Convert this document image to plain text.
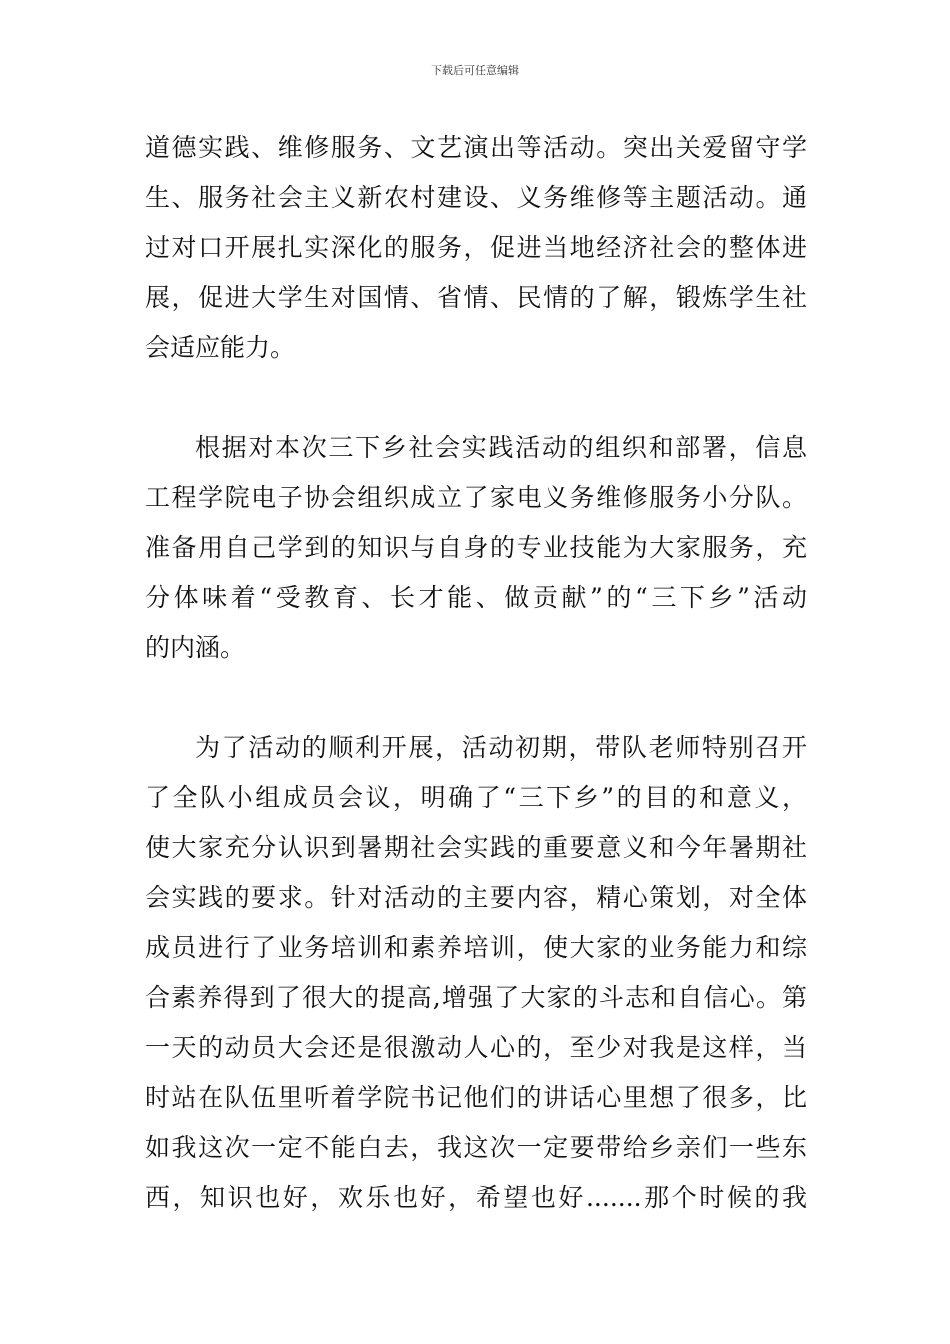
下载后可任意编辑
道德实践、维修服务、文艺演出等活动。突出关爱留守学
生、服务社会主义新农村建设、义务维修等主题活动。通
过对口开展扎实深化的服务，促进当地经济社会的整体进
展，促进大学生对国情、省情、民情的了解，锻炼学生社
会适应能力。
根据对本次三下乡社会实践活动的组织和部署，信息
工程学院电子协会组织成立了家电义务维修服务小分队。
准备用自己学到的知识与自身的专业技能为大家服务，充
分体味着“受教育、长才能、做贡献”的“三下乡”活动
的内涵。
为了活动的顺利开展，活动初期，带队老师特别召开
了全队小组成员会议，明确了“三下乡”的目的和意义，
使大家充分认识到暑期社会实践的重要意义和今年暑期社
会实践的要求。针对活动的主要内容，精心策划，对全体
成员进行了业务培训和素养培训，使大家的业务能力和综
合素养得到了很大的提高,增强了大家的斗志和自信心。第
一天的动员大会还是很激动人心的，至少对我是这样，当
时站在队伍里听着学院书记他们的讲话心里想了很多，比
如我这次一定不能白去，我这次一定要带给乡亲们一些东
西，知识也好，欢乐也好，希望也好.......那个时候的我
